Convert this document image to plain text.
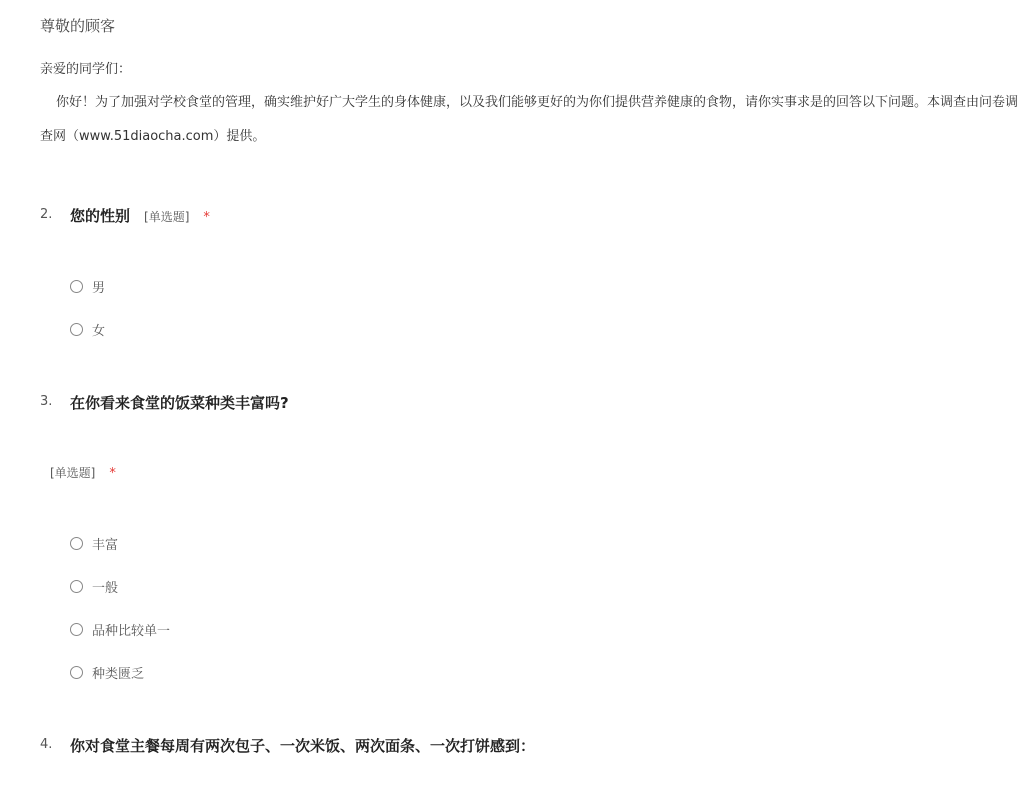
尊敬的顾客
亲爱的同学们：
你好！为了加强对学校食堂的管理，确实维护好广大学生的身体健康，以及我们能够更好的为你们提供营养健康的食物，请你实事求是的回答以下问题。本调查由问卷调
查网（www.51diaocha.com）提供。
2. 您的性别 [单选题] *
男
女
3. 在你看来食堂的饭菜种类丰富吗?
[单选题] *
丰富
一般
品种比较单一
种类匮乏
4. 你对食堂主餐每周有两次包子、一次米饭、两次面条、一次打饼感到：
